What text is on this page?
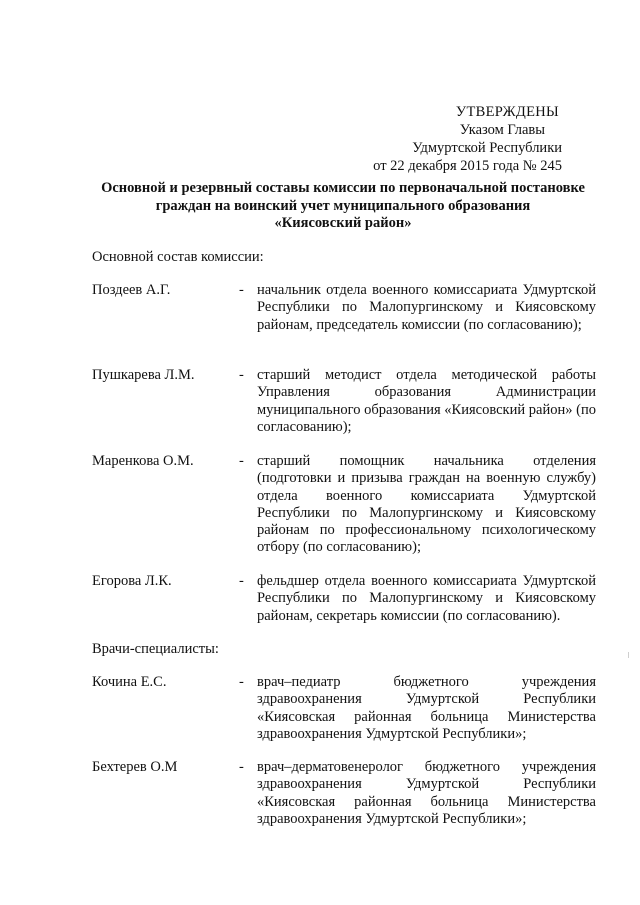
УТВЕРЖДЕНЫ
Указом Главы
Удмуртской Республики
от 22 декабря 2015 года № 245
Основной и резервный составы комиссии по первоначальной постановке
граждан на воинский учет муниципального образования
«Киясовский район»
Основной состав комиссии:
Поздеев А.Г.	- начальник отдела военного комиссариата Удмуртской Республики по Малопургинскому и Киясовскому районам, председатель комиссии (по согласованию);
Пушкарева Л.М.	- старший методист отдела методической работы Управления образования Администрации муниципального образования «Киясовский район» (по согласованию);
Маренкова О.М.	- старший помощник начальника отделения (подготовки и призыва граждан на военную службу) отдела военного комиссариата Удмуртской Республики по Малопургинскому и Киясовскому районам по профессиональному психологическому отбору (по согласованию);
Егорова Л.К.	- фельдшер отдела военного комиссариата Удмуртской Республики по Малопургинскому и Киясовскому районам, секретарь комиссии (по согласованию).
Врачи-специалисты:
Кочина Е.С.	- врач–педиатр бюджетного учреждения здравоохранения Удмуртской Республики «Киясовская районная больница Министерства здравоохранения Удмуртской Республики»;
Бехтерев О.М	- врач–дерматовенеролог бюджетного учреждения здравоохранения Удмуртской Республики «Киясовская районная больница Министерства здравоохранения Удмуртской Республики»;
